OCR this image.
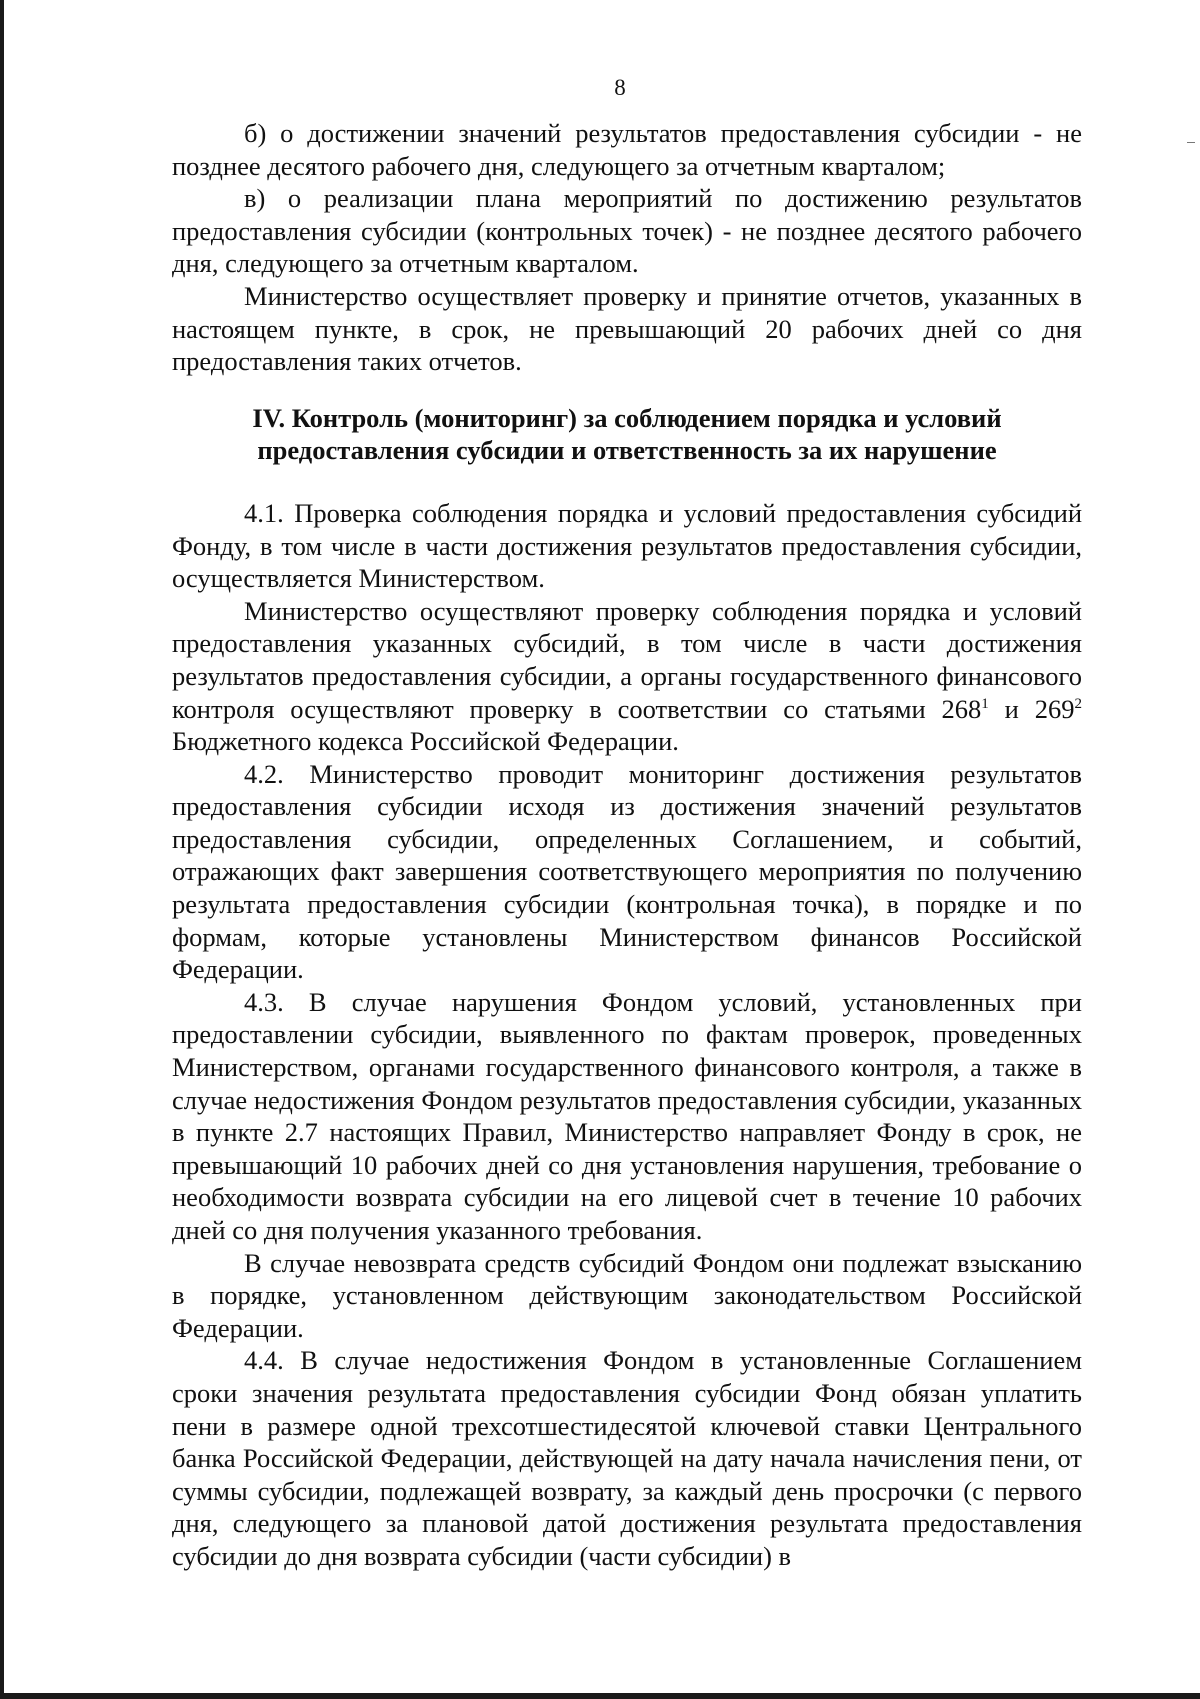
8

б) о достижении значений результатов предоставления субсидии - не позднее десятого рабочего дня, следующего за отчетным кварталом;

в) о реализации плана мероприятий по достижению результатов предоставления субсидии (контрольных точек) - не позднее десятого рабочего дня, следующего за отчетным кварталом.

Министерство осуществляет проверку и принятие отчетов, указанных в настоящем пункте, в срок, не превышающий 20 рабочих дней со дня предоставления таких отчетов.

IV. Контроль (мониторинг) за соблюдением порядка и условий
предоставления субсидии и ответственность за их нарушение

4.1. Проверка соблюдения порядка и условий предоставления субсидий Фонду, в том числе в части достижения результатов предоставления субсидии, осуществляется Министерством.

Министерство осуществляют проверку соблюдения порядка и условий предоставления указанных субсидий, в том числе в части достижения результатов предоставления субсидии, а органы государственного финансового контроля осуществляют проверку в соответствии со статьями $268^1$ и $269^2$ Бюджетного кодекса Российской Федерации.

4.2. Министерство проводит мониторинг достижения результатов предоставления субсидии исходя из достижения значений результатов предоставления субсидии, определенных Соглашением, и событий, отражающих факт завершения соответствующего мероприятия по получению результата предоставления субсидии (контрольная точка), в порядке и по формам, которые установлены Министерством финансов Российской Федерации.

4.3. В случае нарушения Фондом условий, установленных при предоставлении субсидии, выявленного по фактам проверок, проведенных Министерством, органами государственного финансового контроля, а также в случае недостижения Фондом результатов предоставления субсидии, указанных в пункте 2.7 настоящих Правил, Министерство направляет Фонду в срок, не превышающий 10 рабочих дней со дня установления нарушения, требование о необходимости возврата субсидии на его лицевой счет в течение 10 рабочих дней со дня получения указанного требования.

В случае невозврата средств субсидий Фондом они подлежат взысканию в порядке, установленном действующим законодательством Российской Федерации.

4.4. В случае недостижения Фондом в установленные Соглашением сроки значения результата предоставления субсидии Фонд обязан уплатить пени в размере одной трехсотшестидесятой ключевой ставки Центрального банка Российской Федерации, действующей на дату начала начисления пени, от суммы субсидии, подлежащей возврату, за каждый день просрочки (с первого дня, следующего за плановой датой достижения результата предоставления субсидии до дня возврата субсидии (части субсидии) в
